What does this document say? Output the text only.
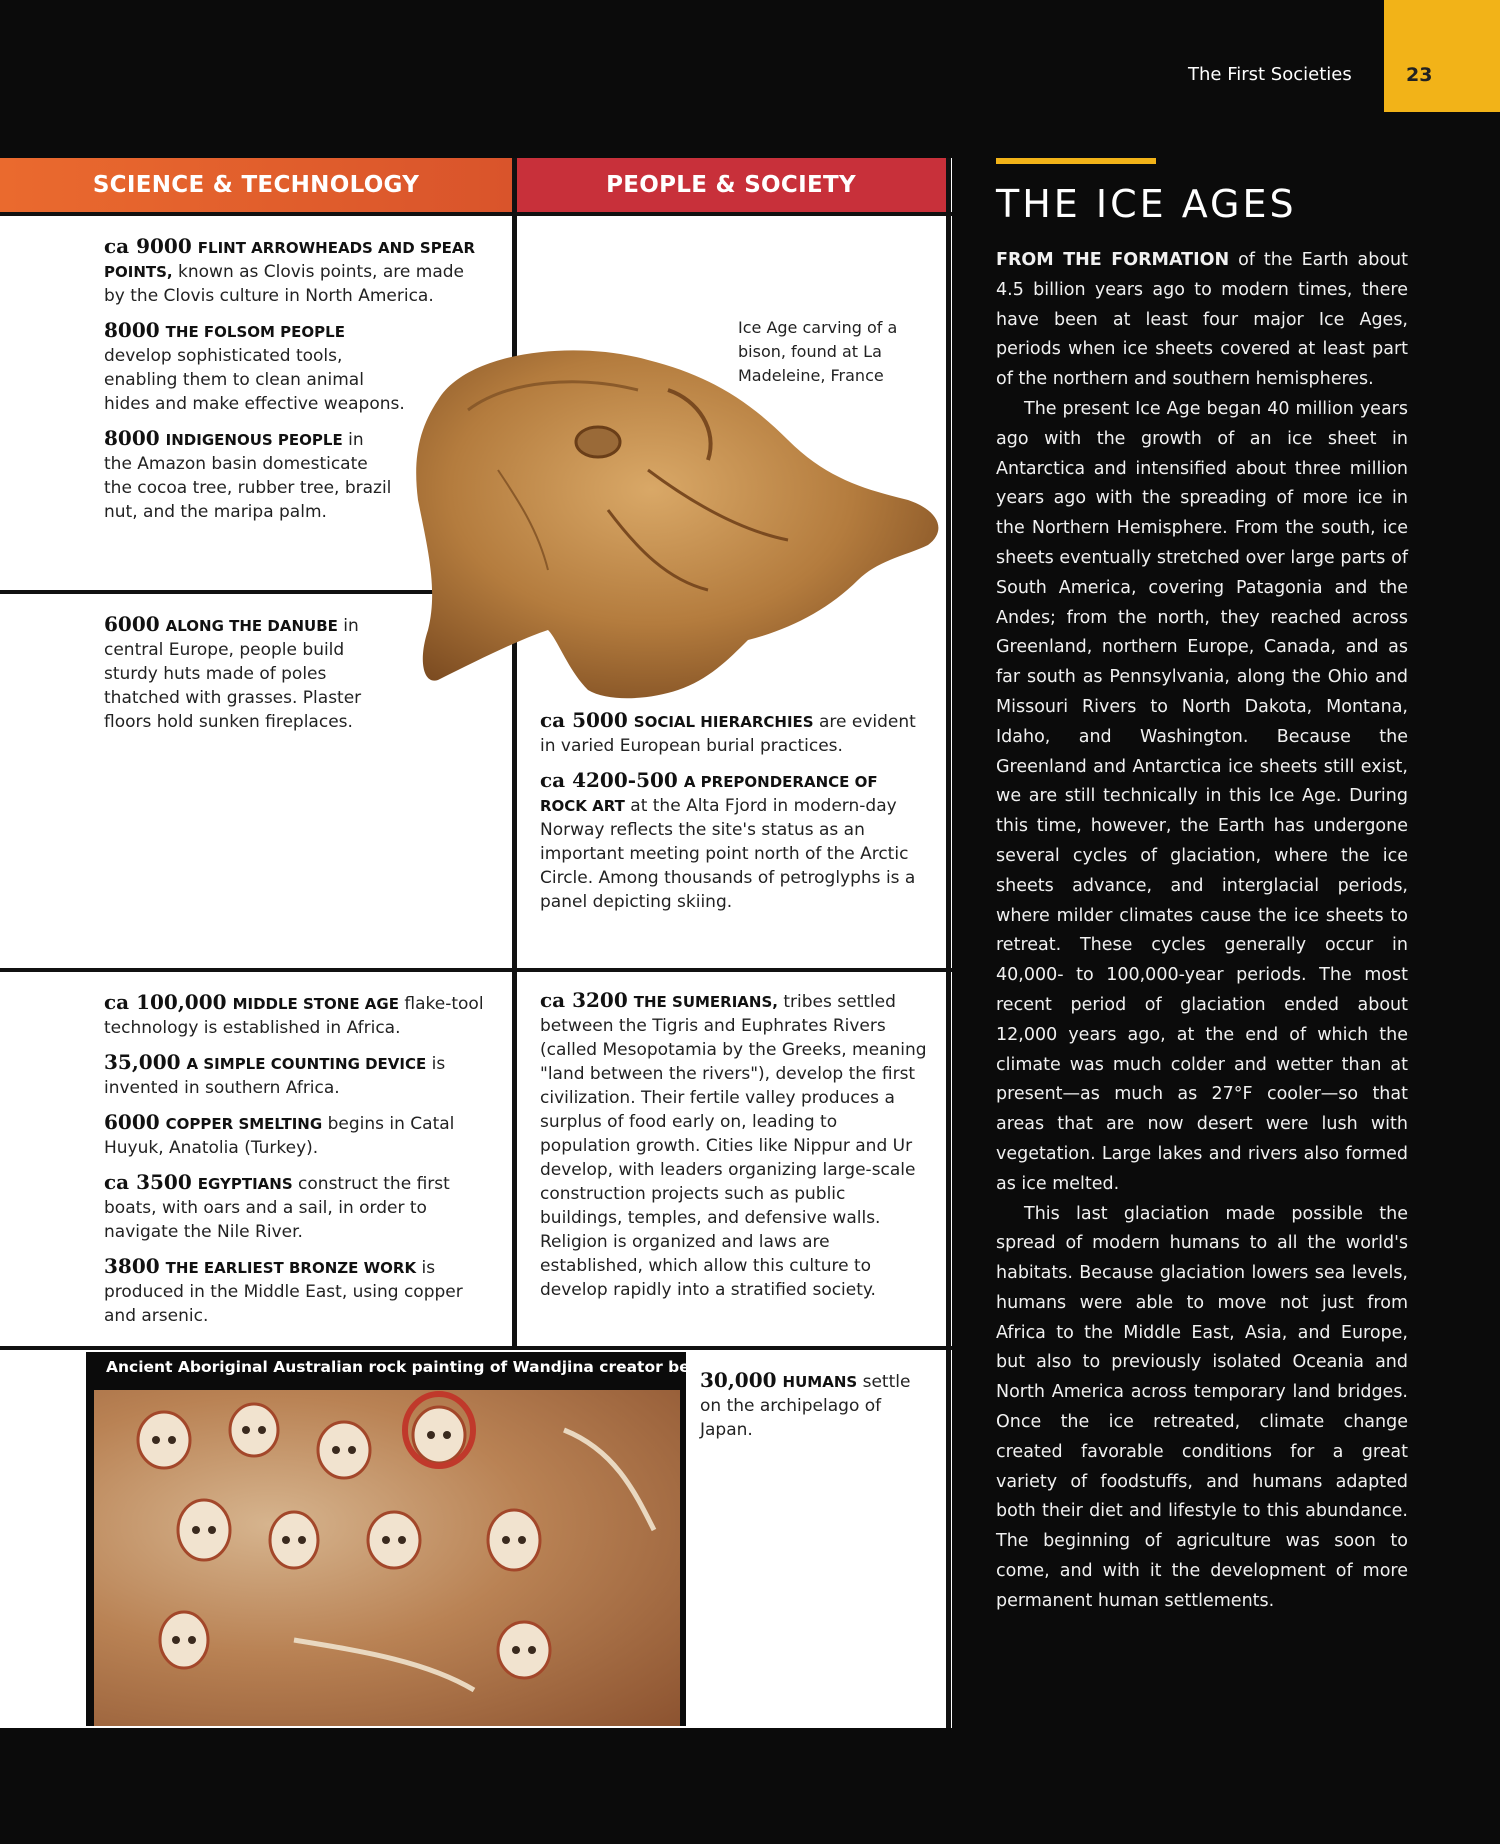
The First Societies	23
SCIENCE & TECHNOLOGY	PEOPLE & SOCIETY

ca 9000 FLINT ARROWHEADS AND SPEAR POINTS, known as Clovis points, are made by the Clovis culture in North America.

8000 THE FOLSOM PEOPLE develop sophisticated tools, enabling them to clean animal hides and make effective weapons.

8000 INDIGENOUS PEOPLE in the Amazon basin domesticate the cocoa tree, rubber tree, brazil nut, and the maripa palm.

6000 ALONG THE DANUBE in central Europe, people build sturdy huts made of poles thatched with grasses. Plaster floors hold sunken fireplaces.

ca 100,000 MIDDLE STONE AGE flake-tool technology is established in Africa.

35,000 A SIMPLE COUNTING DEVICE is invented in southern Africa.

6000 COPPER SMELTING begins in Catal Huyuk, Anatolia (Turkey).

ca 3500 EGYPTIANS construct the first boats, with oars and a sail, in order to navigate the Nile River.

3800 THE EARLIEST BRONZE WORK is produced in the Middle East, using copper and arsenic.

Ice Age carving of a bison, found at La Madeleine, France

ca 5000 SOCIAL HIERARCHIES are evident in varied European burial practices.

ca 4200-500 A PREPONDERANCE OF ROCK ART at the Alta Fjord in modern-day Norway reflects the site's status as an important meeting point north of the Arctic Circle. Among thousands of petroglyphs is a panel depicting skiing.

ca 3200 THE SUMERIANS, tribes settled between the Tigris and Euphrates Rivers (called Mesopotamia by the Greeks, meaning "land between the rivers"), develop the first civilization. Their fertile valley produces a surplus of food early on, leading to population growth. Cities like Nippur and Ur develop, with leaders organizing large-scale construction projects such as public buildings, temples, and defensive walls. Religion is organized and laws are established, which allow this culture to develop rapidly into a stratified society.

Ancient Aboriginal Australian rock painting of Wandjina creator beings

30,000 HUMANS settle on the archipelago of Japan.

THE ICE AGES

FROM THE FORMATION of the Earth about 4.5 billion years ago to modern times, there have been at least four major Ice Ages, periods when ice sheets covered at least part of the northern and southern hemispheres.

The present Ice Age began 40 million years ago with the growth of an ice sheet in Antarctica and intensified about three million years ago with the spreading of more ice in the Northern Hemisphere. From the south, ice sheets eventually stretched over large parts of South America, covering Patagonia and the Andes; from the north, they reached across Greenland, northern Europe, Canada, and as far south as Pennsylvania, along the Ohio and Missouri Rivers to North Dakota, Montana, Idaho, and Washington. Because the Greenland and Antarctica ice sheets still exist, we are still technically in this Ice Age. During this time, however, the Earth has undergone several cycles of glaciation, where the ice sheets advance, and interglacial periods, where milder climates cause the ice sheets to retreat. These cycles generally occur in 40,000- to 100,000-year periods. The most recent period of glaciation ended about 12,000 years ago, at the end of which the climate was much colder and wetter than at present—as much as 27°F cooler—so that areas that are now desert were lush with vegetation. Large lakes and rivers also formed as ice melted.

This last glaciation made possible the spread of modern humans to all the world's habitats. Because glaciation lowers sea levels, humans were able to move not just from Africa to the Middle East, Asia, and Europe, but also to previously isolated Oceania and North America across temporary land bridges. Once the ice retreated, climate change created favorable conditions for a great variety of foodstuffs, and humans adapted both their diet and lifestyle to this abundance. The beginning of agriculture was soon to come, and with it the development of more permanent human settlements.
